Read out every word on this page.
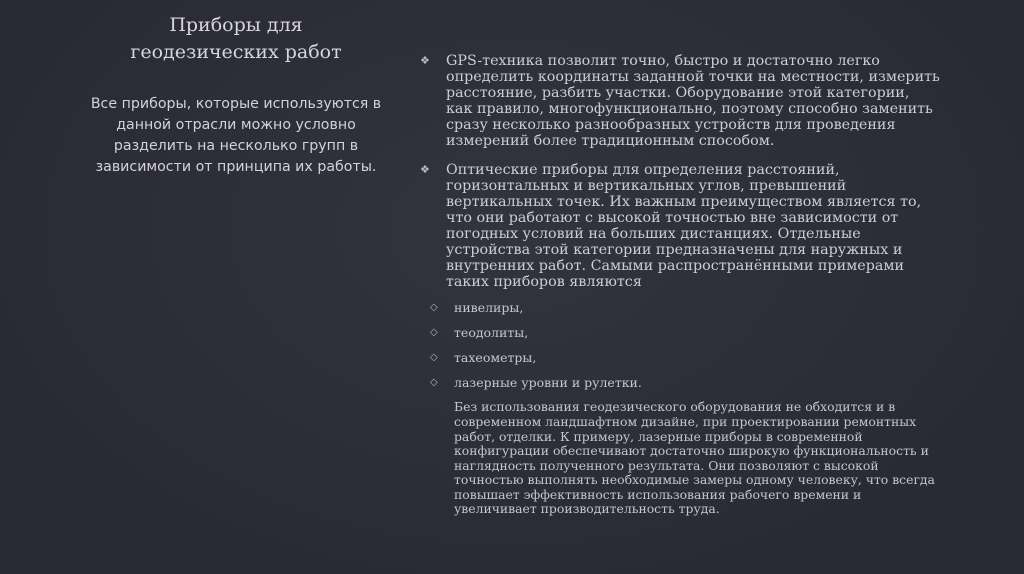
Приборы для
геодезических работ
Все приборы, которые используются в данной отрасли можно условно разделить на несколько групп в зависимости от принципа их работы.
❖ GPS-техника позволит точно, быстро и достаточно легко определить координаты заданной точки на местности, измерить расстояние, разбить участки. Оборудование этой категории, как правило, многофункционально, поэтому способно заменить сразу несколько разнообразных устройств для проведения измерений более традиционным способом.
❖ Оптические приборы для определения расстояний, горизонтальных и вертикальных углов, превышений вертикальных точек. Их важным преимуществом является то, что они работают с высокой точностью вне зависимости от погодных условий на больших дистанциях. Отдельные устройства этой категории предназначены для наружных и внутренних работ. Самыми распространёнными примерами таких приборов являются
◇ нивелиры,
◇ теодолиты,
◇ тахеометры,
◇ лазерные уровни и рулетки.
Без использования геодезического оборудования не обходится и в современном ландшафтном дизайне, при проектировании ремонтных работ, отделки. К примеру, лазерные приборы в современной конфигурации обеспечивают достаточно широкую функциональность и наглядность полученного результата. Они позволяют с высокой точностью выполнять необходимые замеры одному человеку, что всегда повышает эффективность использования рабочего времени и увеличивает производительность труда.
